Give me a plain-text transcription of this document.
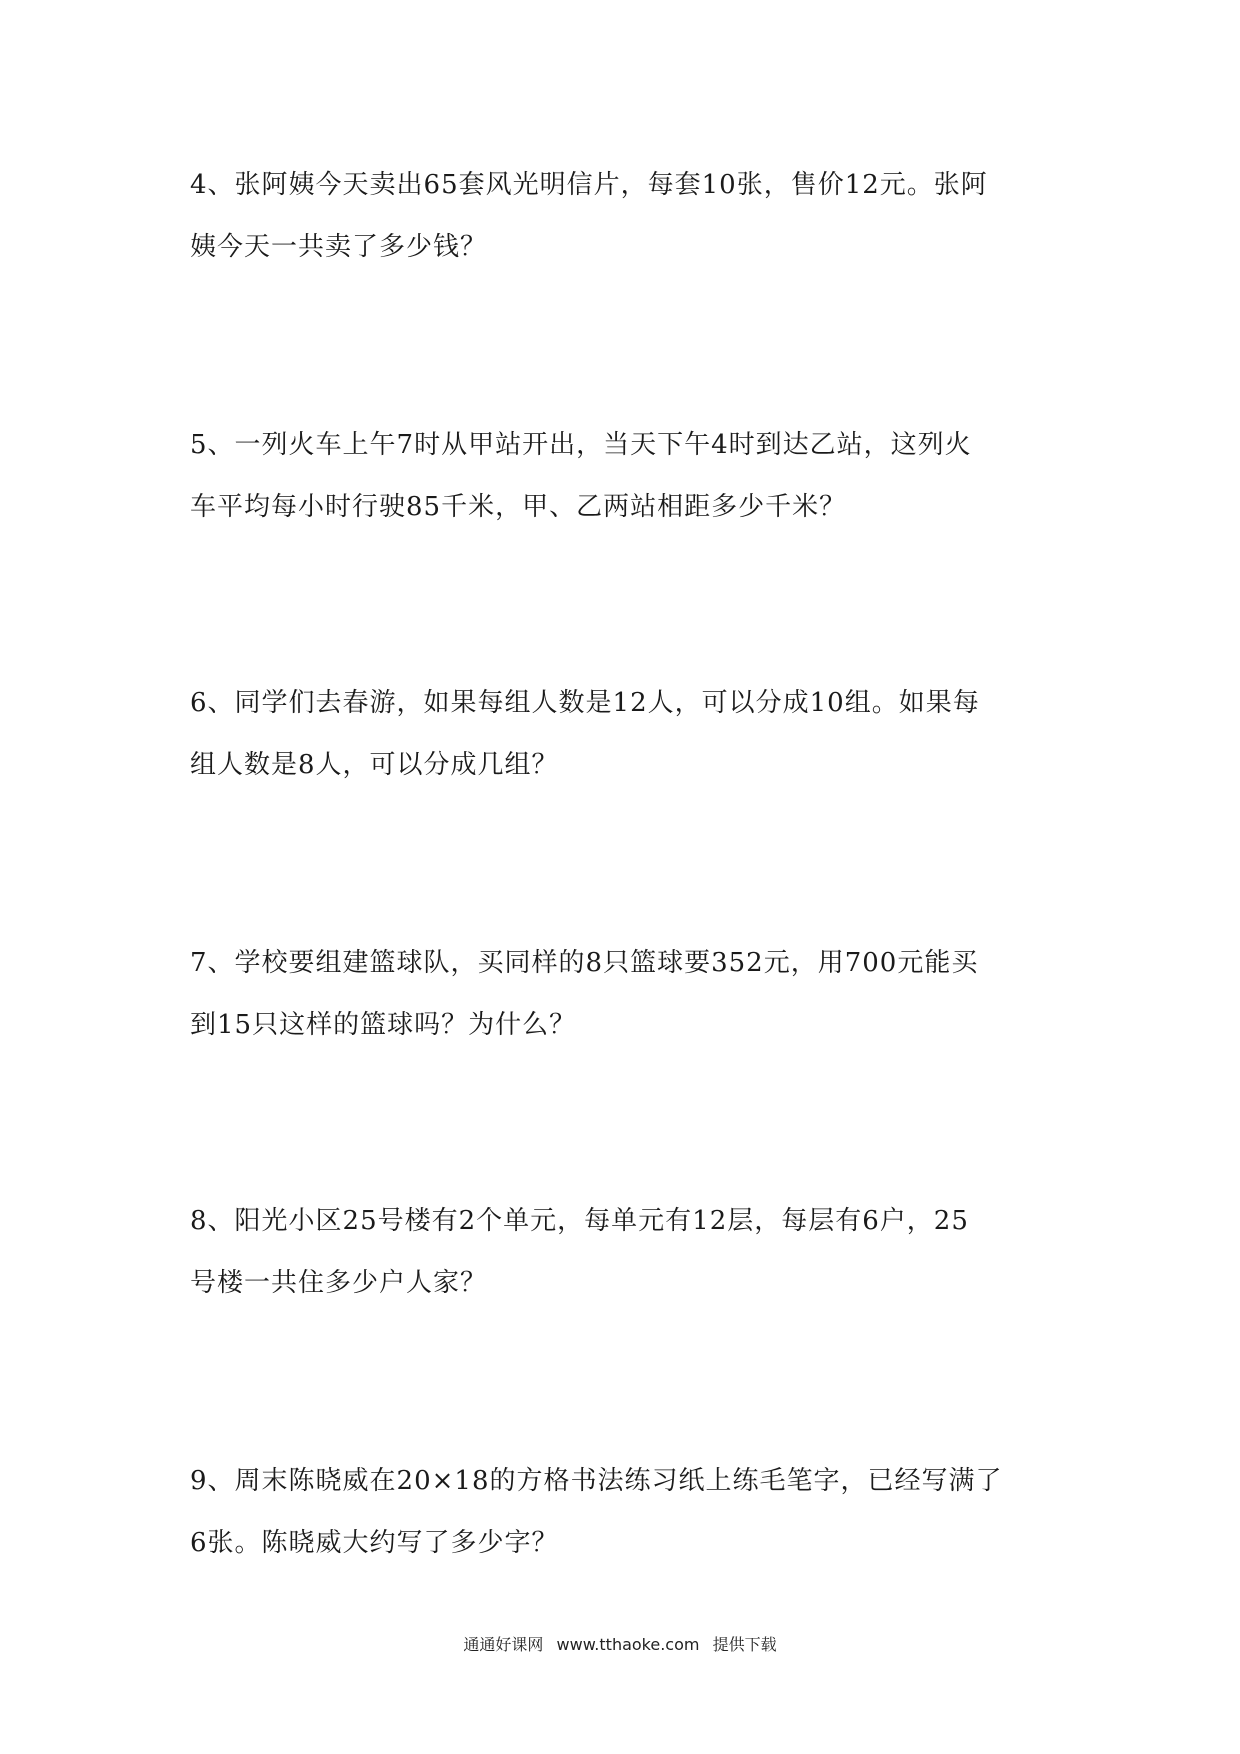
4、张阿姨今天卖出65套风光明信片，每套10张，售价12元。张阿
姨今天一共卖了多少钱？

5、一列火车上午7时从甲站开出，当天下午4时到达乙站，这列火
车平均每小时行驶85千米，甲、乙两站相距多少千米？

6、同学们去春游，如果每组人数是12人，可以分成10组。如果每
组人数是8人，可以分成几组？

7、学校要组建篮球队，买同样的8只篮球要352元，用700元能买
到15只这样的篮球吗？为什么？

8、阳光小区25号楼有2个单元，每单元有12层，每层有6户，25
号楼一共住多少户人家？

9、周末陈晓威在20×18的方格书法练习纸上练毛笔字，已经写满了
6张。陈晓威大约写了多少字？

通通好课网 www.tthaoke.com 提供下载
